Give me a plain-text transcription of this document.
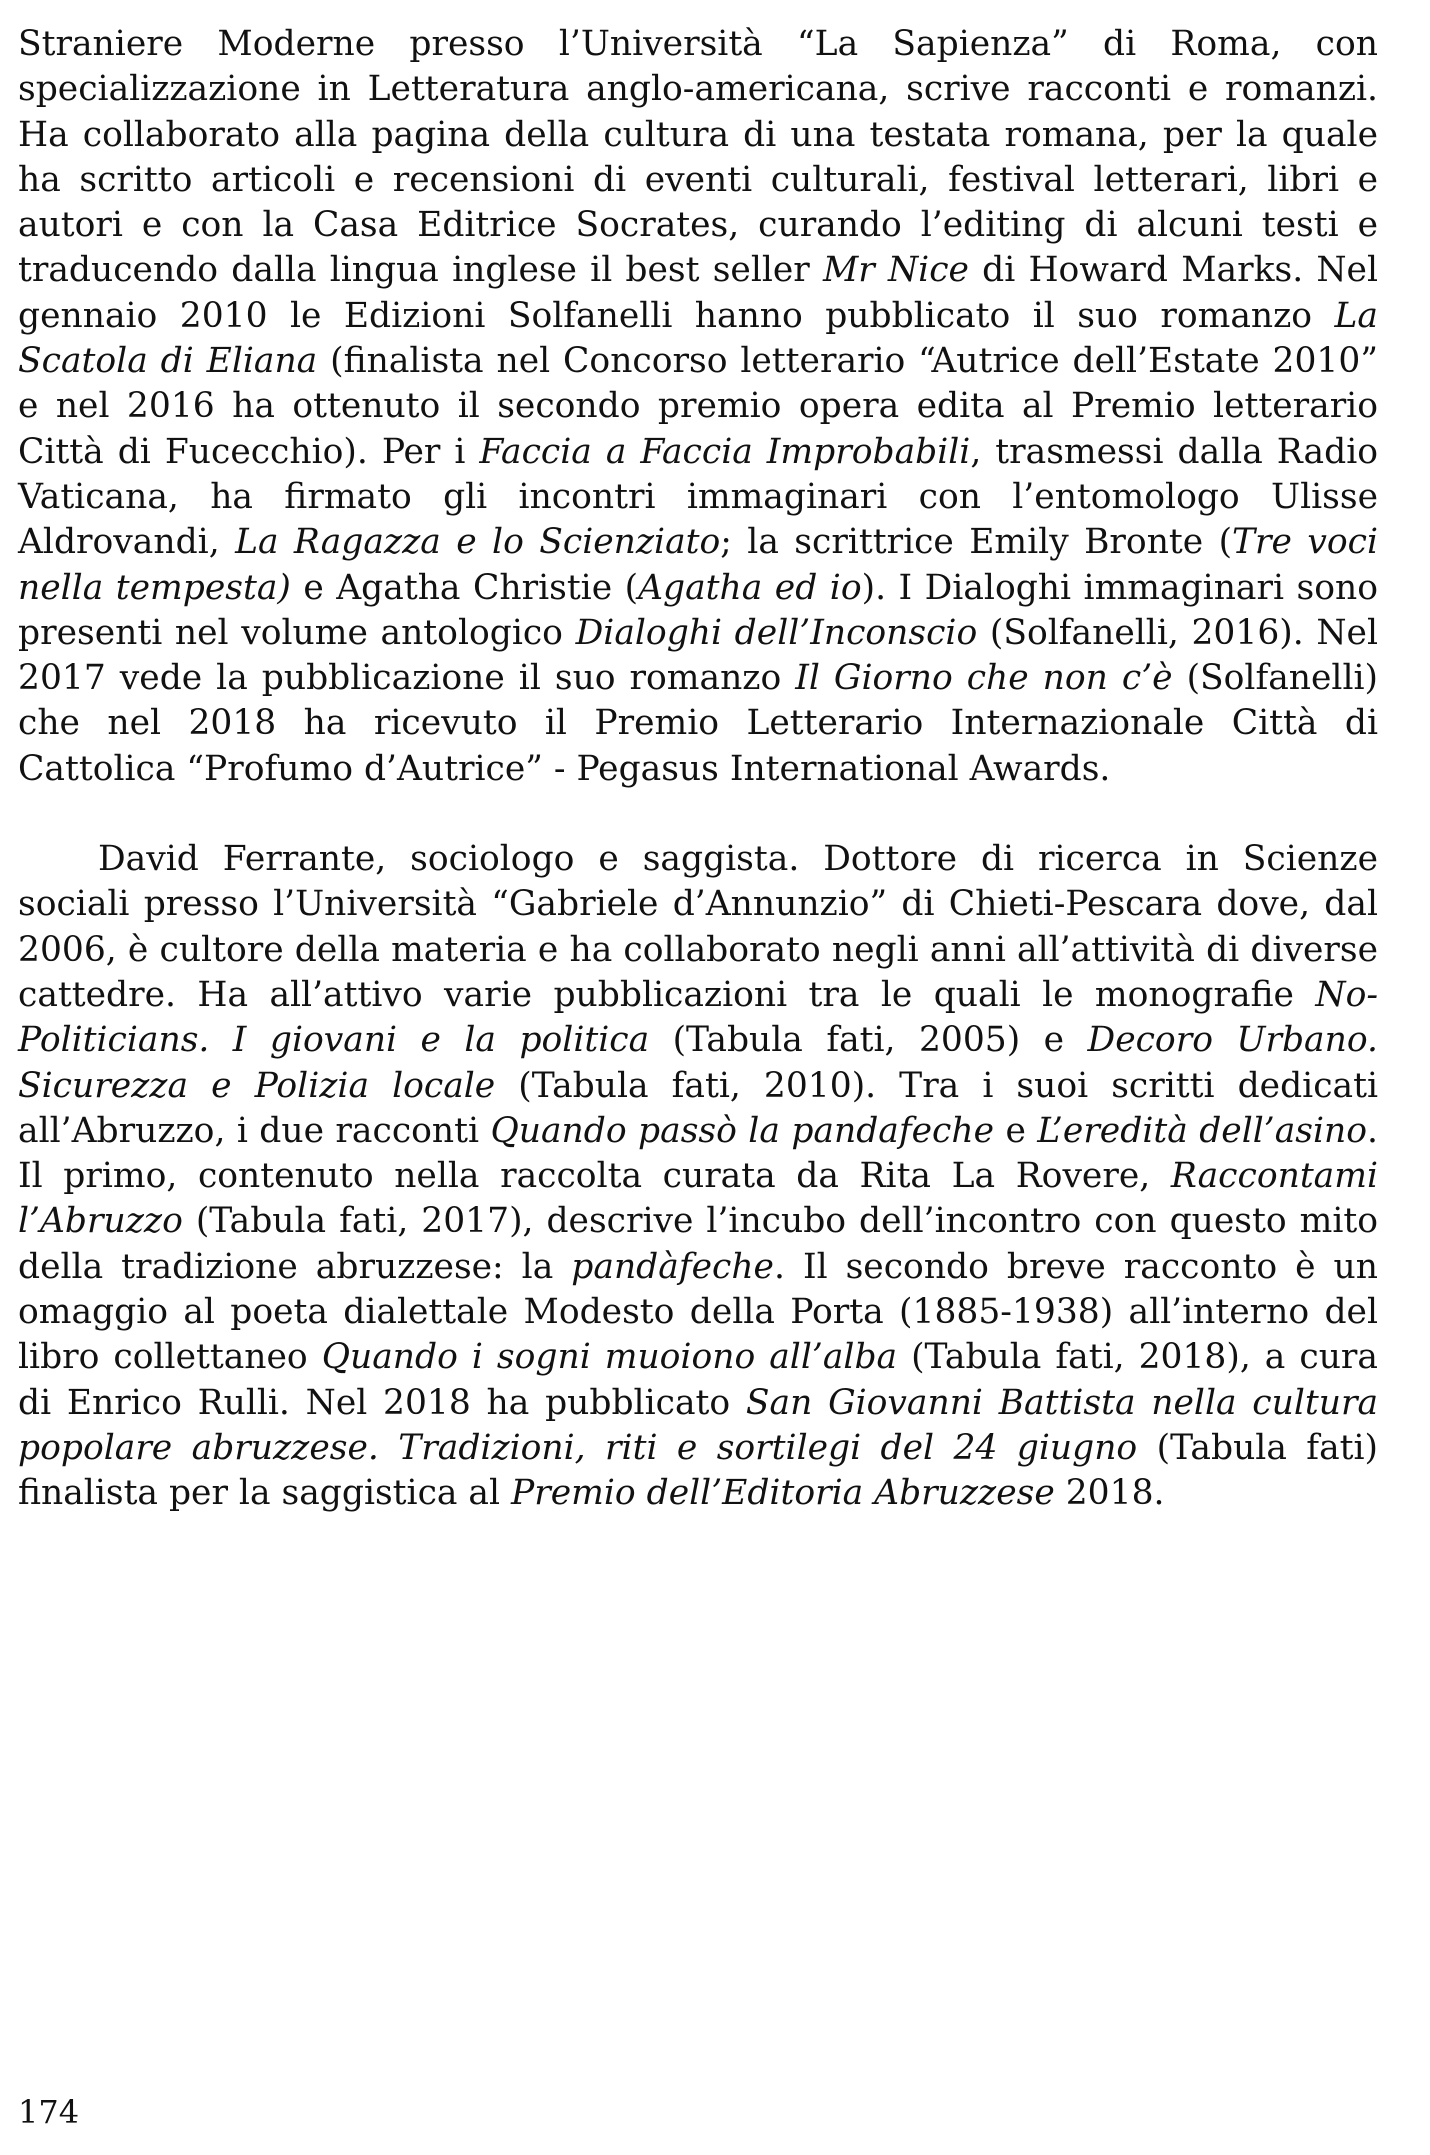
Straniere Moderne presso l’Università “La Sapienza” di Roma, con specializzazione in Letteratura anglo-americana, scrive racconti e romanzi. Ha collaborato alla pagina della cultura di una testata romana, per la quale ha scritto articoli e recensioni di eventi culturali, festival letterari, libri e autori e con la Casa Editrice Socrates, curando l’editing di alcuni testi e traducendo dalla lingua inglese il best seller Mr Nice di Howard Marks. Nel gennaio 2010 le Edizioni Solfanelli hanno pubblicato il suo romanzo La Scatola di Eliana (finalista nel Concorso letterario “Autrice dell’Estate 2010” e nel 2016 ha ottenuto il secondo premio opera edita al Premio letterario Città di Fucecchio). Per i Faccia a Faccia Improbabili, trasmessi dalla Radio Vaticana, ha firmato gli incontri immaginari con l’entomologo Ulisse Aldrovandi, La Ragazza e lo Scienziato; la scrittrice Emily Bronte (Tre voci nella tempesta) e Agatha Christie (Agatha ed io). I Dialoghi immaginari sono presenti nel volume antologico Dialoghi dell’Inconscio (Solfanelli, 2016). Nel 2017 vede la pubblicazione il suo romanzo Il Giorno che non c’è (Solfanelli) che nel 2018 ha ricevuto il Premio Letterario Internazionale Città di Cattolica “Profumo d’Autrice” - Pegasus International Awards.

David Ferrante, sociologo e saggista. Dottore di ricerca in Scienze sociali presso l’Università “Gabriele d’Annunzio” di Chieti-Pescara dove, dal 2006, è cultore della materia e ha collaborato negli anni all’attività di diverse cattedre. Ha all’attivo varie pubblicazioni tra le quali le monografie No-Politicians. I giovani e la politica (Tabula fati, 2005) e Decoro Urbano. Sicurezza e Polizia locale (Tabula fati, 2010). Tra i suoi scritti dedicati all’Abruzzo, i due racconti Quando passò la pandafeche e L’eredità dell’asino. Il primo, contenuto nella raccolta curata da Rita La Rovere, Raccontami l’Abruzzo (Tabula fati, 2017), descrive l’incubo dell’incontro con questo mito della tradizione abruzzese: la pandàfeche. Il secondo breve racconto è un omaggio al poeta dialettale Modesto della Porta (1885-1938) all’interno del libro collettaneo Quando i sogni muoiono all’alba (Tabula fati, 2018), a cura di Enrico Rulli. Nel 2018 ha pubblicato San Giovanni Battista nella cultura popolare abruzzese. Tradizioni, riti e sortilegi del 24 giugno (Tabula fati) finalista per la saggistica al Premio dell’Editoria Abruzzese 2018.

174
